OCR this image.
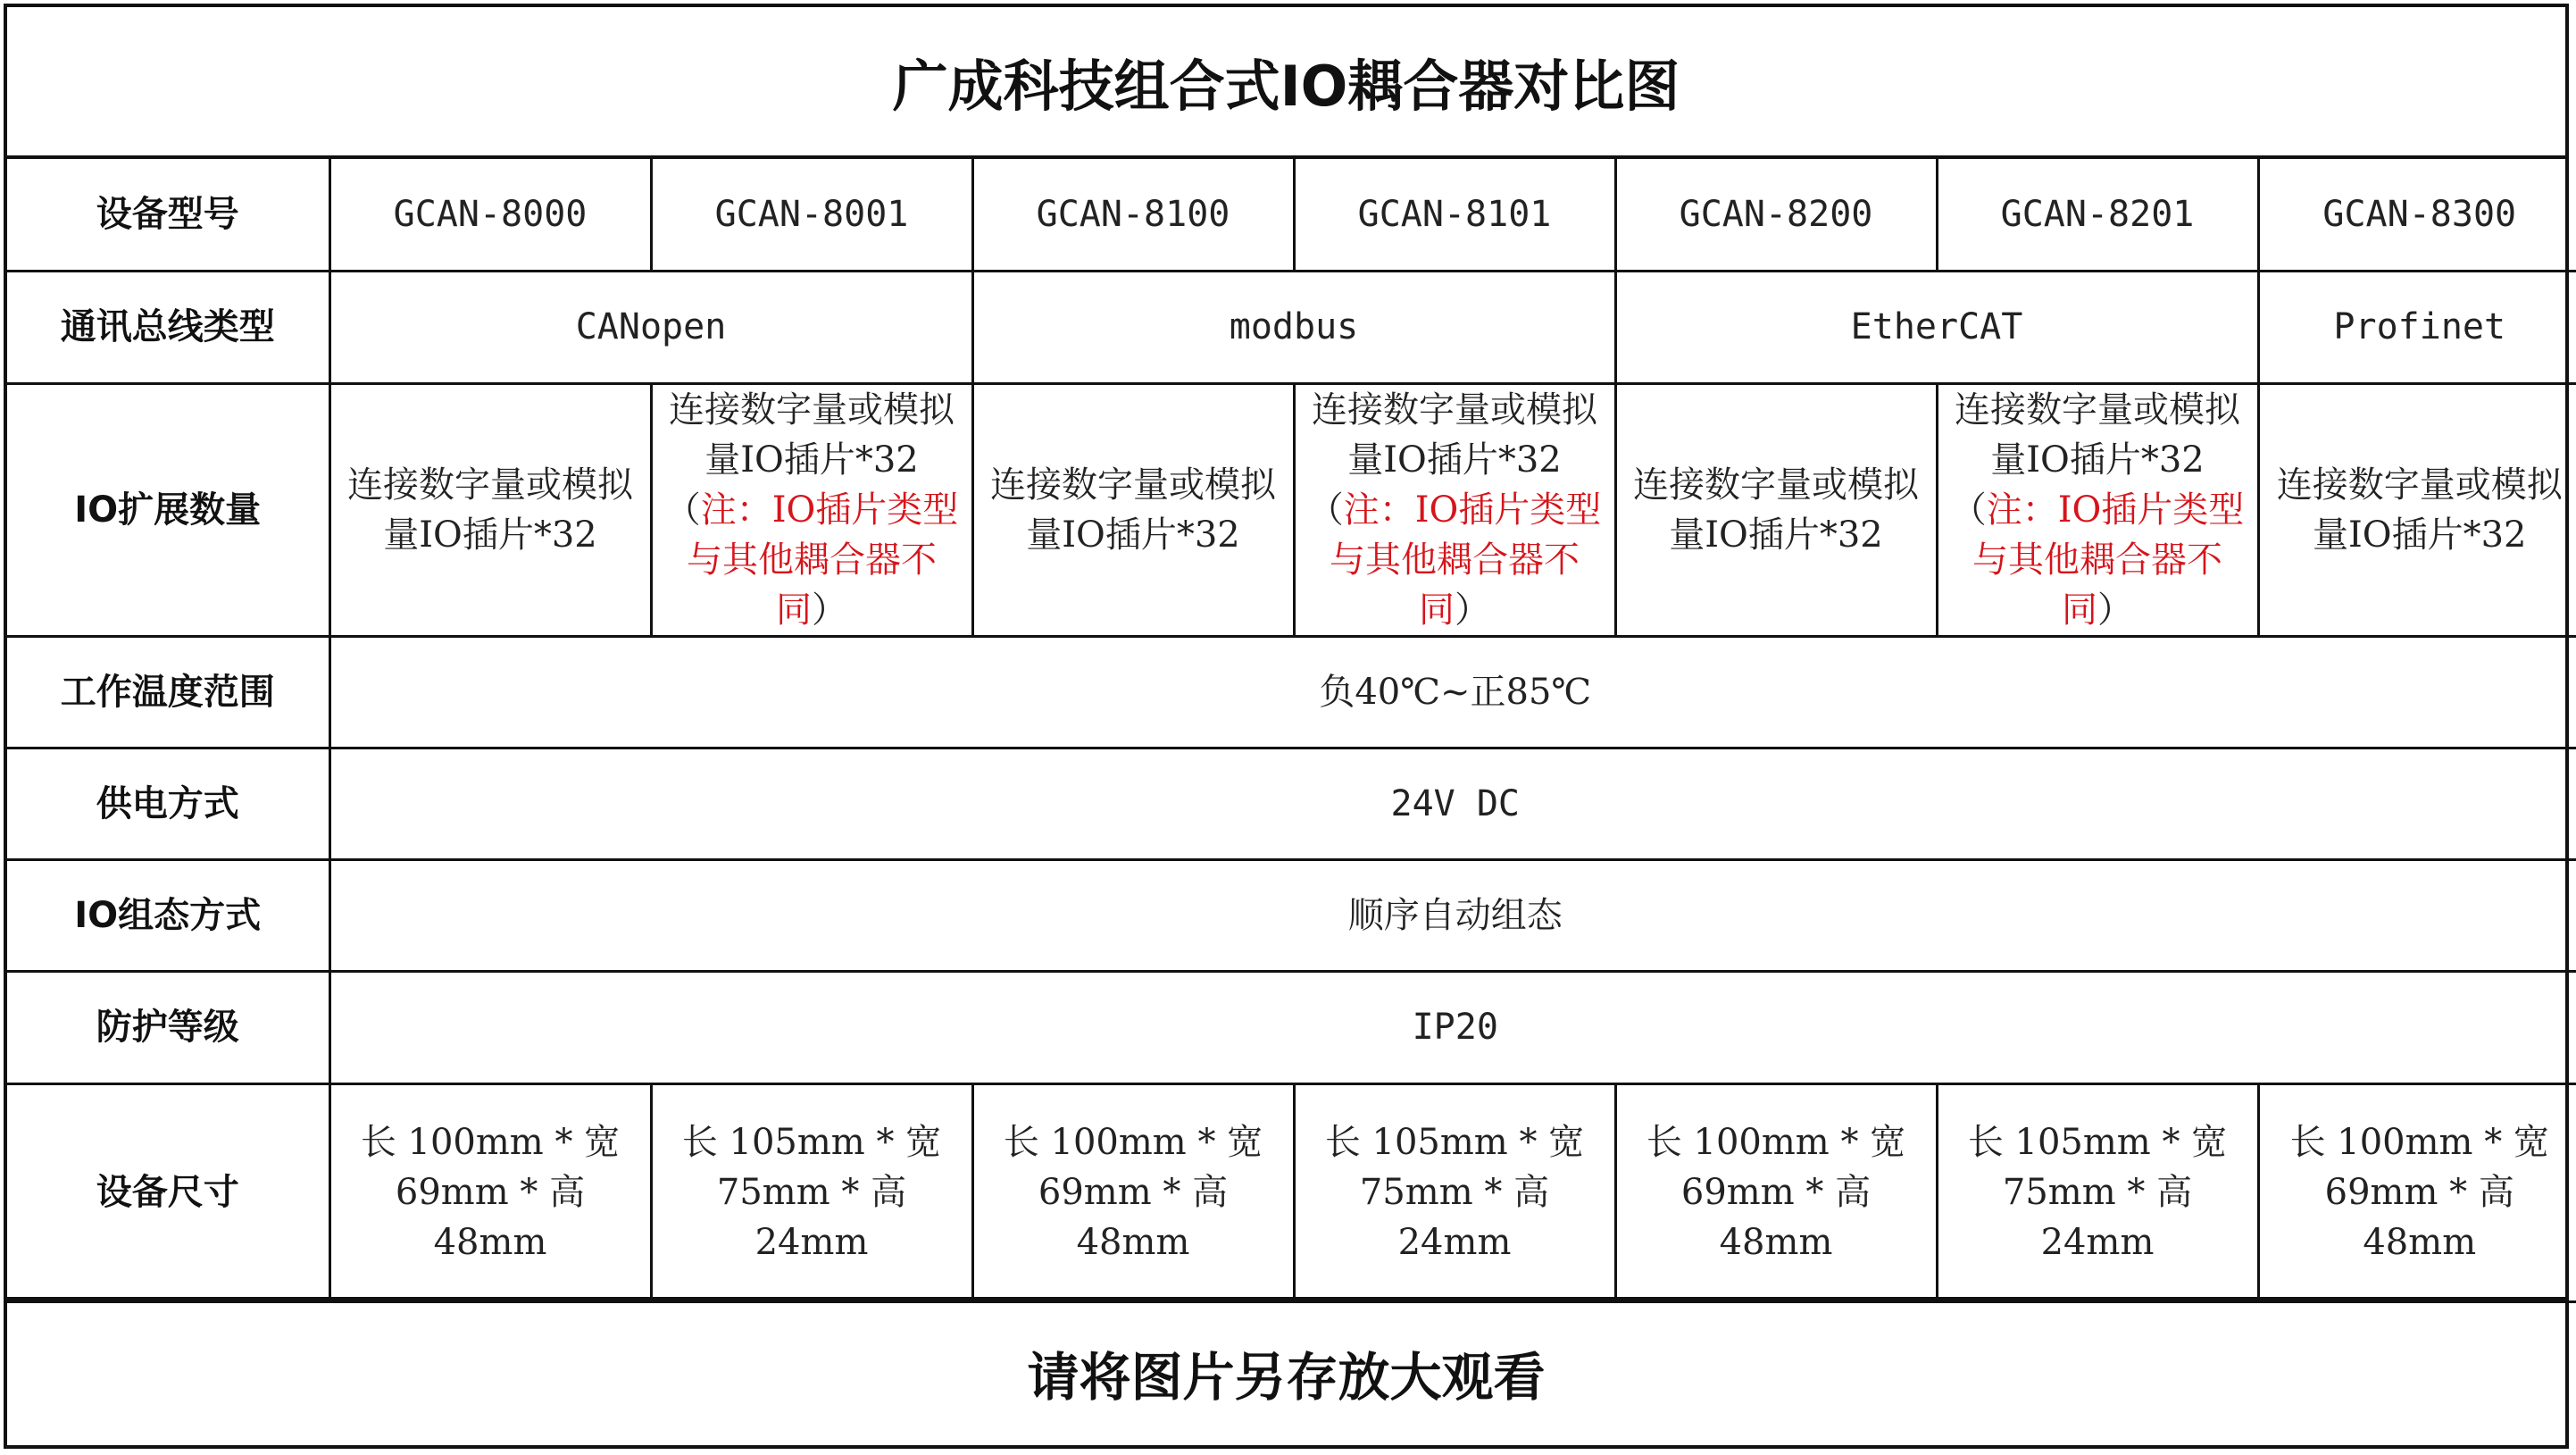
广成科技组合式IO耦合器对比图
设备型号	GCAN-8000	GCAN-8001	GCAN-8100	GCAN-8101	GCAN-8200	GCAN-8201	GCAN-8300
通讯总线类型	CANopen		modbus		EtherCAT		Profinet
IO扩展数量	连接数字量或模拟量IO插片*32	连接数字量或模拟量IO插片*32（注：IO插片类型与其他耦合器不同）	连接数字量或模拟量IO插片*32	连接数字量或模拟量IO插片*32（注：IO插片类型与其他耦合器不同）	连接数字量或模拟量IO插片*32	连接数字量或模拟量IO插片*32（注：IO插片类型与其他耦合器不同）	连接数字量或模拟量IO插片*32
工作温度范围	负40℃~正85℃						
供电方式	24V DC						
IO组态方式	顺序自动组态						
防护等级	IP20						
设备尺寸	长 100mm * 宽 69mm * 高 48mm	长 105mm * 宽 75mm * 高 24mm	长 100mm * 宽 69mm * 高 48mm	长 105mm * 宽 75mm * 高 24mm	长 100mm * 宽 69mm * 高 48mm	长 105mm * 宽 75mm * 高 24mm	长 100mm * 宽 69mm * 高 48mm
请将图片另存放大观看
